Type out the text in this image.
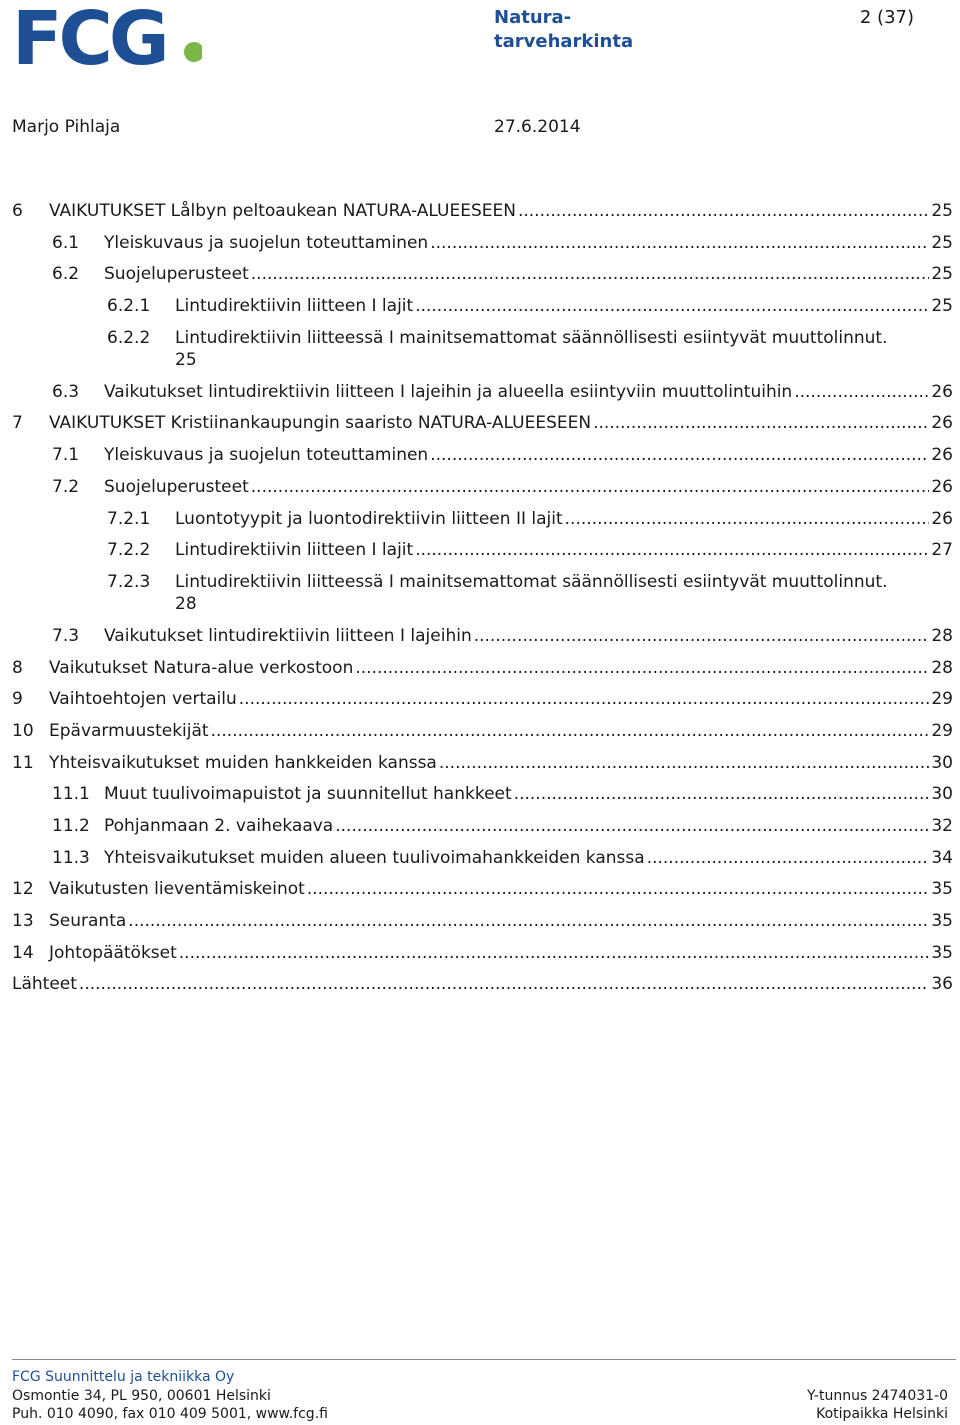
FCG	Natura-
tarveharkinta
2 (37)
Marjo Pihlaja	27.6.2014
6	VAIKUTUKSET Lålbyn peltoaukean NATURA-ALUEESEEN .....	25
6.1	Yleiskuvaus ja suojelun toteuttaminen .....	25
6.2	Suojeluperusteet .....	25
6.2.1	Lintudirektiivin liitteen I lajit .....	25
6.2.2 Lintudirektiivin liitteessä I mainitsemattomat säännöllisesti esiintyvät muuttolinnut.
25
6.3	Vaikutukset lintudirektiivin liitteen I lajeihin ja alueella esiintyviin muuttolintuihin .....	26
7	VAIKUTUKSET Kristiinankaupungin saaristo NATURA-ALUEESEEN .....	26
7.1	Yleiskuvaus ja suojelun toteuttaminen .....	26
7.2	Suojeluperusteet .....	26
7.2.1	Luontotyypit ja luontodirektiivin liitteen II lajit .....	26
7.2.2	Lintudirektiivin liitteen I lajit .....	27
7.2.3 Lintudirektiivin liitteessä I mainitsemattomat säännöllisesti esiintyvät muuttolinnut.
28
7.3	Vaikutukset lintudirektiivin liitteen I lajeihin .....	28
8	Vaikutukset Natura-alue verkostoon .....	28
9	Vaihtoehtojen vertailu .....	29
10 Epävarmuustekijät .....	29
11 Yhteisvaikutukset muiden hankkeiden kanssa .....	30
11.1 Muut tuulivoimapuistot ja suunnitellut hankkeet .....	30
11.2 Pohjanmaan 2. vaihekaava .....	32
11.3 Yhteisvaikutukset muiden alueen tuulivoimahankkeiden kanssa .....	34
12 Vaikutusten lieventämiskeinot .....	35
13 Seuranta .....	35
14 Johtopäätökset .....	35
Lähteet .....	36
FCG Suunnittelu ja tekniikka Oy
Osmontie 34, PL 950, 00601 Helsinki
Puh. 010 4090, fax 010 409 5001, www.fcg.fi
Y-tunnus 2474031-0
Kotipaikka Helsinki
